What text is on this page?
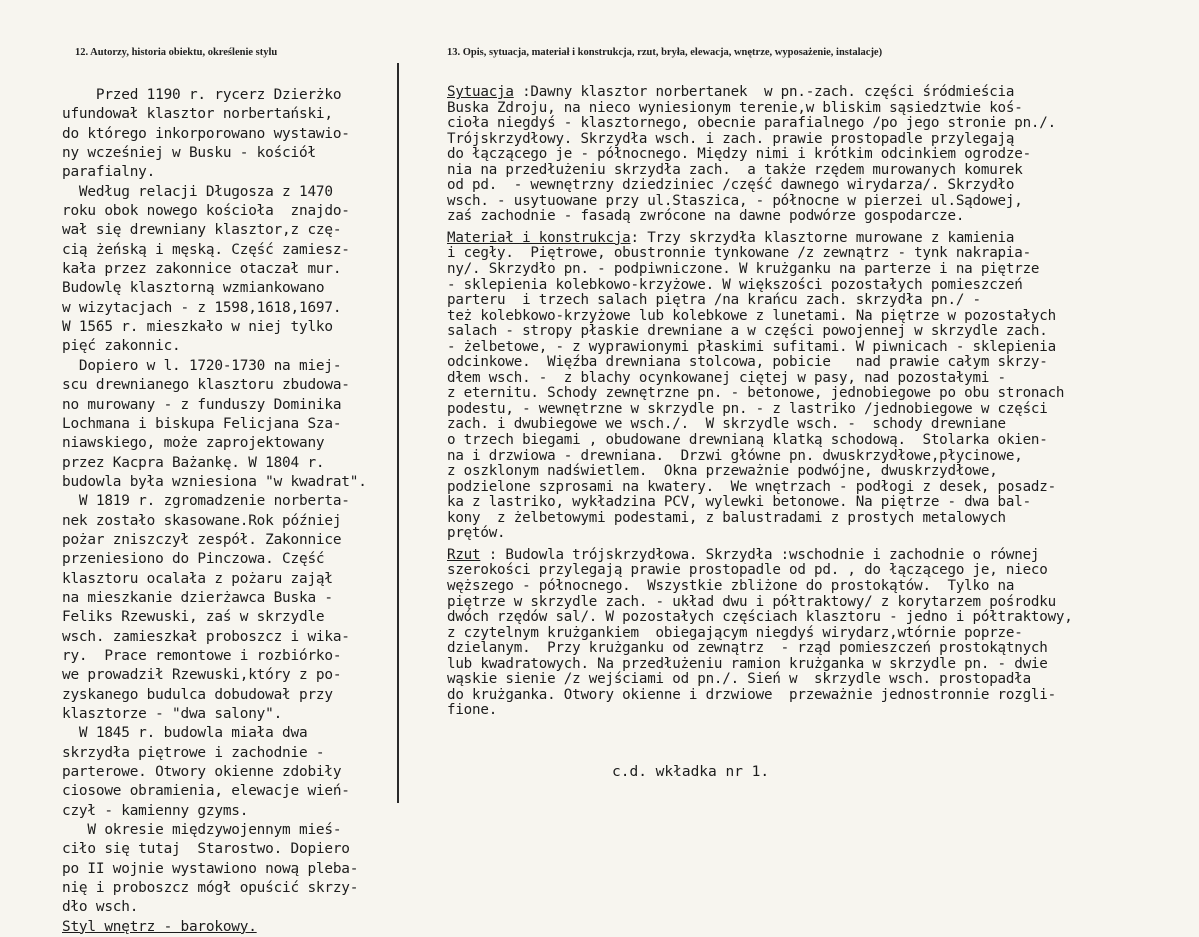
12. Autorzy, historia obiektu, określenie stylu	13. Opis, sytuacja, materiał i konstrukcja, rzut, bryła, elewacja, wnętrze, wyposażenie, instalacje)
Przed 1190 r. rycerz Dzierżko
ufundował klasztor norbertański,
do którego inkorporowano wystawio-
ny wcześniej w Busku - kościół
parafialny.
Według relacji Długosza z 1470
roku obok nowego kościoła  znajdo-
wał się drewniany klasztor,z czę-
cią żeńską i męską. Część zamiesz-
kała przez zakonnice otaczał mur.
Budowlę klasztorną wzmiankowano
w wizytacjach - z 1598,1618,1697.
W 1565 r. mieszkało w niej tylko
pięć zakonnic.
Dopiero w l. 1720-1730 na miej-
scu drewnianego klasztoru zbudowa-
no murowany - z funduszy Dominika
Lochmana i biskupa Felicjana Sza-
niawskiego, może zaprojektowany
przez Kacpra Bażankę. W 1804 r.
budowla była wzniesiona "w kwadrat".
W 1819 r. zgromadzenie norberta-
nek zostało skasowane.Rok później
pożar zniszczył zespół. Zakonnice
przeniesiono do Pinczowa. Część
klasztoru ocalała z pożaru zajął
na mieszkanie dzierżawca Buska -
Feliks Rzewuski, zaś w skrzydle
wsch. zamieszkał proboszcz i wika-
ry.  Prace remontowe i rozbiórko-
we prowadził Rzewuski,który z po-
zyskanego budulca dobudował przy
klasztorze - "dwa salony".
W 1845 r. budowla miała dwa
skrzydła piętrowe i zachodnie -
parterowe. Otwory okienne zdobiły
ciosowe obramienia, elewacje wień-
czył - kamienny gzyms.
W okresie międzywojennym mieś-
ciło się tutaj  Starostwo. Dopiero
po II wojnie wystawiono nową pleba-
nię i proboszcz mógł opuścić skrzy-
dło wsch.
Styl wnętrz - barokowy.
Sytuacja :Dawny klasztor norbertanek  w pn.-zach. części śródmieścia
Buska Zdroju, na nieco wyniesionym terenie,w bliskim sąsiedztwie koś-
cioła niegdyś - klasztornego, obecnie parafialnego /po jego stronie pn./.
Trójskrzydłowy. Skrzydła wsch. i zach. prawie prostopadle przylegają
do łączącego je - północnego. Między nimi i krótkim odcinkiem ogrodze-
nia na przedłużeniu skrzydła zach.  a także rzędem murowanych komurek
od pd.  - wewnętrzny dziedziniec /część dawnego wirydarza/. Skrzydło
wsch. - usytuowane przy ul.Staszica, - północne w pierzei ul.Sądowej,
zaś zachodnie - fasadą zwrócone na dawne podwórze gospodarcze.
Materiał i konstrukcja: Trzy skrzydła klasztorne murowane z kamienia
i cegły.  Piętrowe, obustronnie tynkowane /z zewnątrz - tynk nakrapia-
ny/. Skrzydło pn. - podpiwniczone. W krużganku na parterze i na piętrze
- sklepienia kolebkowo-krzyżowe. W większości pozostałych pomieszczeń
parteru  i trzech salach piętra /na krańcu zach. skrzydła pn./ -
też kolebkowo-krzyżowe lub kolebkowe z lunetami. Na piętrze w pozostałych
salach - stropy płaskie drewniane a w części powojennej w skrzydle zach.
- żelbetowe, - z wyprawionymi płaskimi sufitami. W piwnicach - sklepienia
odcinkowe.  Więźba drewniana stolcowa, pobicie   nad prawie całym skrzy-
dłem wsch. -  z blachy ocynkowanej ciętej w pasy, nad pozostałymi -
z eternitu. Schody zewnętrzne pn. - betonowe, jednobiegowe po obu stronach
podestu, - wewnętrzne w skrzydle pn. - z lastriko /jednobiegowe w części
zach. i dwubiegowe we wsch./.  W skrzydle wsch. -  schody drewniane
o trzech biegami , obudowane drewnianą klatką schodową.  Stolarka okien-
na i drzwiowa - drewniana.  Drzwi główne pn. dwuskrzydłowe,płycinowe,
z oszklonym nadświetlem.  Okna przeważnie podwójne, dwuskrzydłowe,
podzielone szprosami na kwatery.  We wnętrzach - podłogi z desek, posadz-
ka z lastriko, wykładzina PCV, wylewki betonowe. Na piętrze - dwa bal-
kony  z żelbetowymi podestami, z balustradami z prostych metalowych
prętów.
Rzut : Budowla trójskrzydłowa. Skrzydła :wschodnie i zachodnie o równej
szerokości przylegają prawie prostopadle od pd. , do łączącego je, nieco
węższego - północnego.  Wszystkie zbliżone do prostokątów.  Tylko na
piętrze w skrzydle zach. - układ dwu i półtraktowy/ z korytarzem pośrodku
dwóch rzędów sal/. W pozostałych częściach klasztoru - jedno i półtraktowy,
z czytelnym krużgankiem  obiegającym niegdyś wirydarz,wtórnie poprze-
dzielanym.  Przy krużganku od zewnątrz  - rząd pomieszczeń prostokątnych
lub kwadratowych. Na przedłużeniu ramion krużganka w skrzydle pn. - dwie
wąskie sienie /z wejściami od pn./. Sień w  skrzydle wsch. prostopadła
do krużganka. Otwory okienne i drzwiowe  przeważnie jednostronnie rozgli-
fione.
c.d. wkładka nr 1.
